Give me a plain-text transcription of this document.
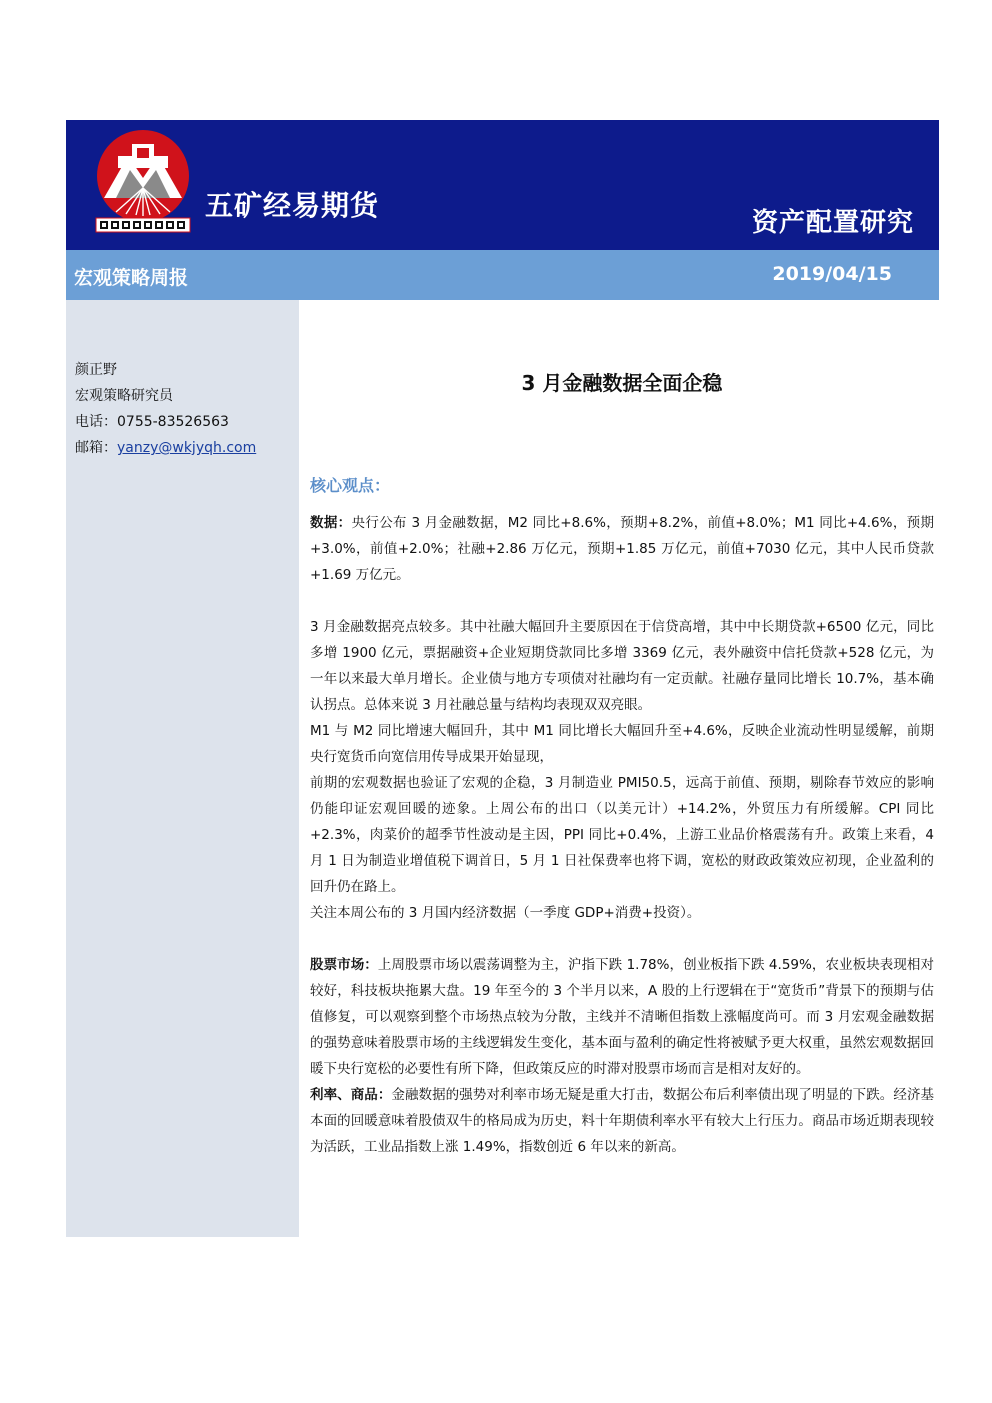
五矿经易期货
资产配置研究
宏观策略周报	2019/04/15
颜正野
宏观策略研究员
电话：0755-83526563
邮箱：yanzy@wkjyqh.com
3 月金融数据全面企稳
核心观点：

数据：央行公布 3 月金融数据，M2 同比+8.6%，预期+8.2%，前值+8.0%；M1 同比+4.6%，预期+3.0%，前值+2.0%；社融+2.86 万亿元，预期+1.85 万亿元，前值+7030 亿元，其中人民币贷款+1.69 万亿元。

3 月金融数据亮点较多。其中社融大幅回升主要原因在于信贷高增，其中中长期贷款+6500 亿元，同比多增 1900 亿元，票据融资+企业短期贷款同比多增 3369 亿元，表外融资中信托贷款+528 亿元，为一年以来最大单月增长。企业债与地方专项债对社融均有一定贡献。社融存量同比增长 10.7%，基本确认拐点。总体来说 3 月社融总量与结构均表现双双亮眼。

M1 与 M2 同比增速大幅回升，其中 M1 同比增长大幅回升至+4.6%，反映企业流动性明显缓解，前期央行宽货币向宽信用传导成果开始显现，

前期的宏观数据也验证了宏观的企稳，3 月制造业 PMI50.5，远高于前值、预期，剔除春节效应的影响仍能印证宏观回暖的迹象。上周公布的出口（以美元计）+14.2%，外贸压力有所缓解。CPI 同比+2.3%，肉菜价的超季节性波动是主因，PPI 同比+0.4%，上游工业品价格震荡有升。政策上来看，4 月 1 日为制造业增值税下调首日，5 月 1 日社保费率也将下调，宽松的财政政策效应初现，企业盈利的回升仍在路上。

关注本周公布的 3 月国内经济数据（一季度 GDP+消费+投资）。

股票市场：上周股票市场以震荡调整为主，沪指下跌 1.78%，创业板指下跌 4.59%，农业板块表现相对较好，科技板块拖累大盘。19 年至今的 3 个半月以来，A 股的上行逻辑在于“宽货币”背景下的预期与估值修复，可以观察到整个市场热点较为分散，主线并不清晰但指数上涨幅度尚可。而 3 月宏观金融数据的强势意味着股票市场的主线逻辑发生变化，基本面与盈利的确定性将被赋予更大权重，虽然宏观数据回暖下央行宽松的必要性有所下降，但政策反应的时滞对股票市场而言是相对友好的。

利率、商品：金融数据的强势对利率市场无疑是重大打击，数据公布后利率债出现了明显的下跌。经济基本面的回暖意味着股债双牛的格局成为历史，料十年期债利率水平有较大上行压力。商品市场近期表现较为活跃，工业品指数上涨 1.49%，指数创近 6 年以来的新高。
